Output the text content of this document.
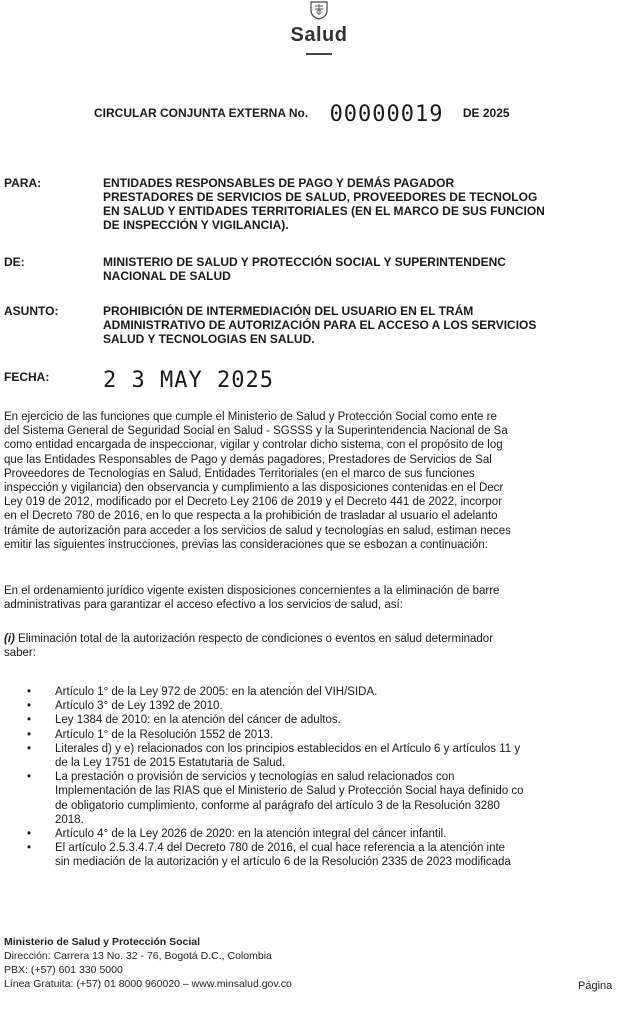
Salud
CIRCULAR CONJUNTA EXTERNA No. 00000019 DE 2025
PARA:	ENTIDADES RESPONSABLES DE PAGO Y DEMÁS PAGADOR
PRESTADORES DE SERVICIOS DE SALUD, PROVEEDORES DE TECNOLOG
EN SALUD Y ENTIDADES TERRITORIALES (EN EL MARCO DE SUS FUNCION
DE INSPECCIÓN Y VIGILANCIA).
DE:	MINISTERIO DE SALUD Y PROTECCIÓN SOCIAL Y SUPERINTENDENC
NACIONAL DE SALUD
ASUNTO:	PROHIBICIÓN DE INTERMEDIACIÓN DEL USUARIO EN EL TRÁM
ADMINISTRATIVO DE AUTORIZACIÓN PARA EL ACCESO A LOS SERVICIOS
SALUD Y TECNOLOGIAS EN SALUD.
FECHA: 2 3 MAY 2025
En ejercicio de las funciones que cumple el Ministerio de Salud y Protección Social como ente re
del Sistema General de Seguridad Social en Salud - SGSSS y la Superintendencia Nacional de Sa
como entidad encargada de inspeccionar, vigilar y controlar dicho sistema, con el propósito de log
que las Entidades Responsables de Pago y demás pagadores, Prestadores de Servicios de Sal
Proveedores de Tecnologías en Salud, Entidades Territoriales (en el marco de sus funciones
inspección y vigilancia) den observancia y cumplimiento a las disposiciones contenidas en el Decr
Ley 019 de 2012, modificado por el Decreto Ley 2106 de 2019 y el Decreto 441 de 2022, incorpor
en el Decreto 780 de 2016, en lo que respecta a la prohibición de trasladar al usuario el adelanto
trámite de autorización para acceder a los servicios de salud y tecnologías en salud, estiman neces
emitir las siguientes instrucciones, previas las consideraciones que se esbozan a continuación:
En el ordenamiento jurídico vigente existen disposiciones concernientes a la eliminación de barre
administrativas para garantizar el acceso efectivo a los servicios de salud, así:
(i) Eliminación total de la autorización respecto de condiciones o eventos en salud determinador
saber:
• Artículo 1° de la Ley 972 de 2005: en la atención del VIH/SIDA.
• Artículo 3° de Ley 1392 de 2010.
• Ley 1384 de 2010: en la atención del cáncer de adultos.
• Artículo 1° de la Resolución 1552 de 2013.
• Literales d) y e) relacionados con los principios establecidos en el Artículo 6 y artículos 11 y
de la Ley 1751 de 2015 Estatutaria de Salud.
• La prestación o provisión de servicios y tecnologías en salud relacionados con
Implementación de las RIAS que el Ministerio de Salud y Protección Social haya definido co
de obligatorio cumplimiento, conforme al parágrafo del artículo 3 de la Resolución 3280
2018.
• Artículo 4° de la Ley 2026 de 2020: en la atención integral del cáncer infantil.
• El artículo 2.5.3.4.7.4 del Decreto 780 de 2016, el cual hace referencia a la atención inte
sin mediación de la autorización y el artículo 6 de la Resolución 2335 de 2023 modificada
Ministerio de Salud y Protección Social
Dirección: Carrera 13 No. 32 - 76, Bogotá D.C., Colombia
PBX: (+57) 601 330 5000
Línea Gratuita: (+57) 01 8000 960020 – www.minsalud.gov.co	Página
